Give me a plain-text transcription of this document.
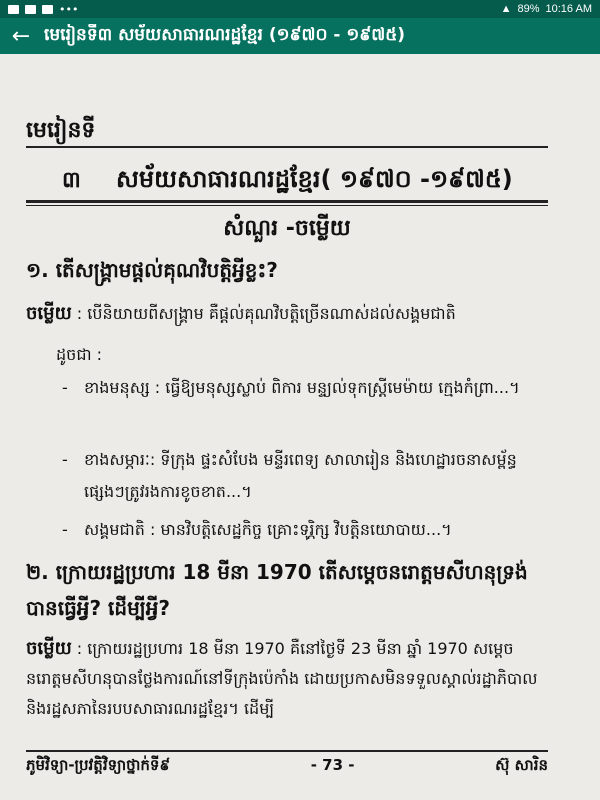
•••	▲ 89% 10:16 AM
← មេរៀនទី៣ សម័យសាធារណរដ្ឋខ្មែរ (១៩៧០ - ១៩៧៥)
មេរៀនទី
៣	សម័យសាធារណរដ្ឋខ្មែរ( ១៩៧០ -១៩៧៥)
សំណួរ -ចម្លើយ
១. តើសង្គ្រាមផ្តល់គុណវិបត្តិអ្វីខ្លះ?
ចម្លើយ : បើនិយាយពីសង្គ្រាម គឺផ្តល់គុណវិបត្តិច្រើនណាស់ដល់សង្គមជាតិ
ដូចជា :
-	ខាងមនុស្ស : ធ្វើឱ្យមនុស្សស្លាប់ ពិការ មន្ទ្យល់ទុកស្ត្រីមេម៉ាយ ក្មេងកំព្រា...។
-	ខាងសម្ភារៈ: ទីក្រុង ផ្ទះសំបែង មន្ទីរពេទ្យ សាលារៀន និងហេដ្ឋារចនាសម្ព័ន្ធផ្សេងៗត្រូវរងការខូចខាត...។
-	សង្គមជាតិ : មានវិបត្តិសេដ្ឋកិច្ច គ្រោះទុរ្ភិក្ស វិបត្តិនយោបាយ...។
២. ក្រោយរដ្ឋប្រហារ 18 មីនា 1970 តើសម្តេចនរោត្តមសីហនុទ្រង់បានធ្វើអ្វី? ដើម្បីអ្វី?
ចម្លើយ : ក្រោយរដ្ឋប្រហារ 18 មីនា 1970 គឺនៅថ្ងៃទី 23 មីនា ឆ្នាំ 1970 សម្តេចនរោត្តមសីហនុបានថ្លែងការណ៍នៅទីក្រុងប៉េកាំង ដោយប្រកាសមិនទទួលស្គាល់រដ្ឋាភិបាល និងរដ្ឋសភានៃរបបសាធារណរដ្ឋខ្មែរ។ ដើម្បី
ភូមិវិទ្យា-ប្រវត្តិវិទ្យាថ្នាក់ទី៩	- 73 -	ស៊ុ សារិន
